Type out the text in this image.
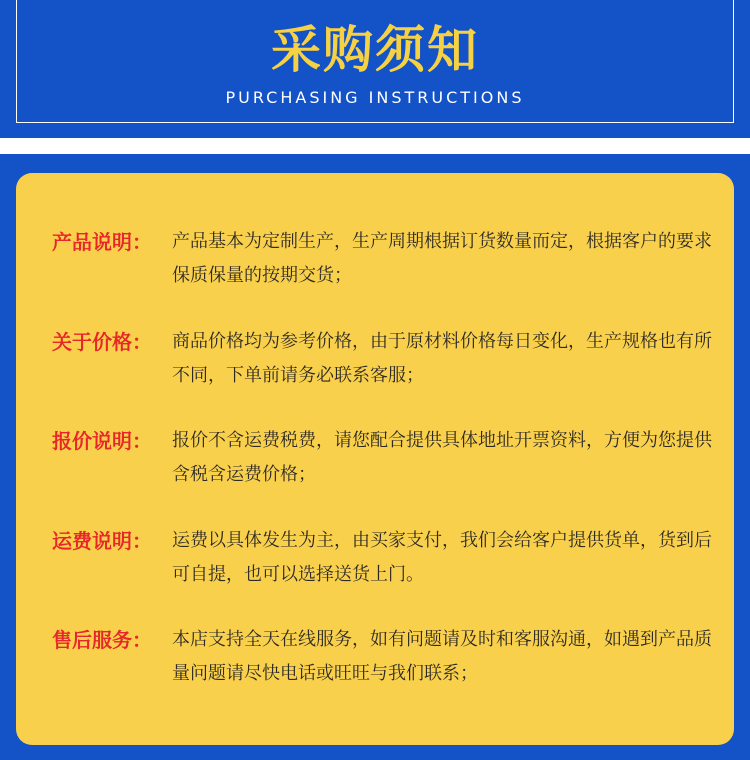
采购须知
PURCHASING INSTRUCTIONS
产品说明：	产品基本为定制生产，生产周期根据订货数量而定，根据客户的要求保质保量的按期交货；
关于价格：	商品价格均为参考价格，由于原材料价格每日变化，生产规格也有所不同，下单前请务必联系客服；
报价说明：	报价不含运费税费，请您配合提供具体地址开票资料，方便为您提供含税含运费价格；
运费说明：	运费以具体发生为主，由买家支付，我们会给客户提供货单，货到后可自提，也可以选择送货上门。
售后服务：	本店支持全天在线服务，如有问题请及时和客服沟通，如遇到产品质量问题请尽快电话或旺旺与我们联系；
